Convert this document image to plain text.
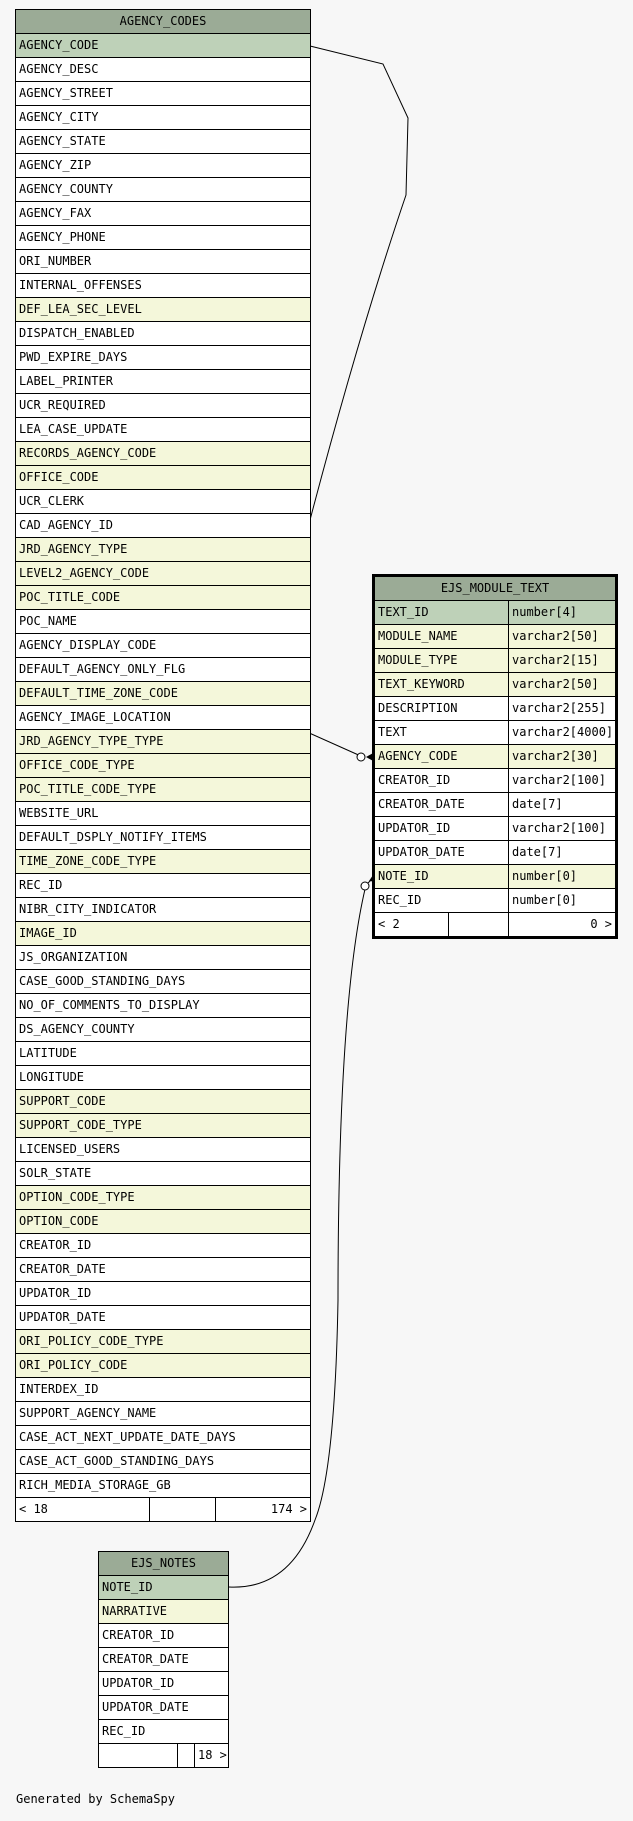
AGENCY_CODES
AGENCY_CODE
AGENCY_DESC
AGENCY_STREET
AGENCY_CITY
AGENCY_STATE
AGENCY_ZIP
AGENCY_COUNTY
AGENCY_FAX
AGENCY_PHONE
ORI_NUMBER
INTERNAL_OFFENSES
DEF_LEA_SEC_LEVEL
DISPATCH_ENABLED
PWD_EXPIRE_DAYS
LABEL_PRINTER
UCR_REQUIRED
LEA_CASE_UPDATE
RECORDS_AGENCY_CODE
OFFICE_CODE
UCR_CLERK
CAD_AGENCY_ID
JRD_AGENCY_TYPE
LEVEL2_AGENCY_CODE
POC_TITLE_CODE
POC_NAME
AGENCY_DISPLAY_CODE
DEFAULT_AGENCY_ONLY_FLG
DEFAULT_TIME_ZONE_CODE
AGENCY_IMAGE_LOCATION
JRD_AGENCY_TYPE_TYPE
OFFICE_CODE_TYPE
POC_TITLE_CODE_TYPE
WEBSITE_URL
DEFAULT_DSPLY_NOTIFY_ITEMS
TIME_ZONE_CODE_TYPE
REC_ID
NIBR_CITY_INDICATOR
IMAGE_ID
JS_ORGANIZATION
CASE_GOOD_STANDING_DAYS
NO_OF_COMMENTS_TO_DISPLAY
DS_AGENCY_COUNTY
LATITUDE
LONGITUDE
SUPPORT_CODE
SUPPORT_CODE_TYPE
LICENSED_USERS
SOLR_STATE
OPTION_CODE_TYPE
OPTION_CODE
CREATOR_ID
CREATOR_DATE
UPDATOR_ID
UPDATOR_DATE
ORI_POLICY_CODE_TYPE
ORI_POLICY_CODE
INTERDEX_ID
SUPPORT_AGENCY_NAME
CASE_ACT_NEXT_UPDATE_DATE_DAYS
CASE_ACT_GOOD_STANDING_DAYS
RICH_MEDIA_STORAGE_GB
< 18	174 >
EJS_MODULE_TEXT
TEXT_ID	number[4]
MODULE_NAME	varchar2[50]
MODULE_TYPE	varchar2[15]
TEXT_KEYWORD	varchar2[50]
DESCRIPTION	varchar2[255]
TEXT	varchar2[4000]
AGENCY_CODE	varchar2[30]
CREATOR_ID	varchar2[100]
CREATOR_DATE	date[7]
UPDATOR_ID	varchar2[100]
UPDATOR_DATE	date[7]
NOTE_ID	number[0]
REC_ID	number[0]
< 2	0 >
EJS_NOTES
NOTE_ID
NARRATIVE
CREATOR_ID
CREATOR_DATE
UPDATOR_ID
UPDATOR_DATE
REC_ID
18 >
Generated by SchemaSpy
